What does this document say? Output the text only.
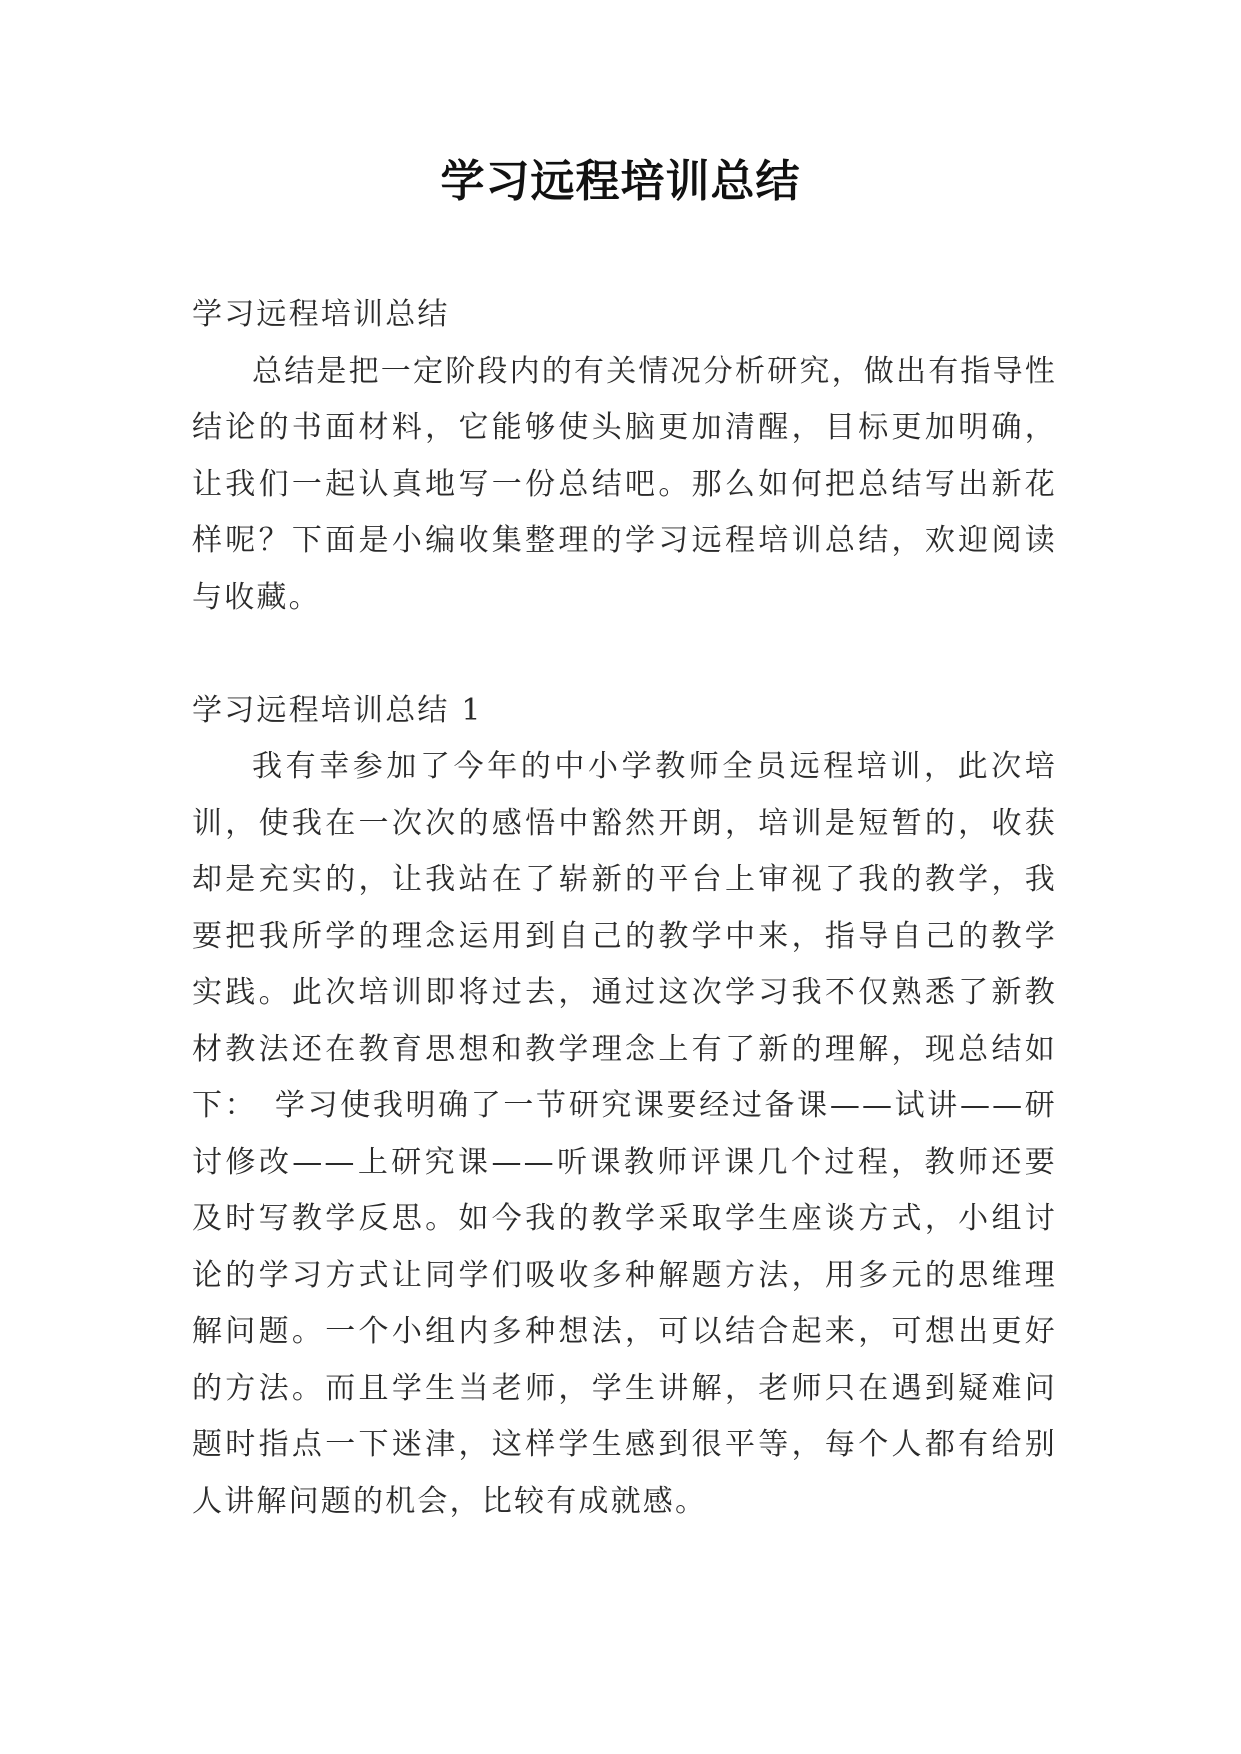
学习远程培训总结

学习远程培训总结

总结是把一定阶段内的有关情况分析研究，做出有指导性结论的书面材料，它能够使头脑更加清醒，目标更加明确，让我们一起认真地写一份总结吧。那么如何把总结写出新花样呢？下面是小编收集整理的学习远程培训总结，欢迎阅读与收藏。

学习远程培训总结 1

我有幸参加了今年的中小学教师全员远程培训，此次培训，使我在一次次的感悟中豁然开朗，培训是短暂的，收获却是充实的，让我站在了崭新的平台上审视了我的教学，我要把我所学的理念运用到自己的教学中来，指导自己的教学实践。此次培训即将过去，通过这次学习我不仅熟悉了新教材教法还在教育思想和教学理念上有了新的理解，现总结如下：　学习使我明确了一节研究课要经过备课——试讲——研讨修改——上研究课——听课教师评课几个过程，教师还要及时写教学反思。如今我的教学采取学生座谈方式，小组讨论的学习方式让同学们吸收多种解题方法，用多元的思维理解问题。一个小组内多种想法，可以结合起来，可想出更好的方法。而且学生当老师，学生讲解，老师只在遇到疑难问题时指点一下迷津，这样学生感到很平等，每个人都有给别人讲解问题的机会，比较有成就感。
